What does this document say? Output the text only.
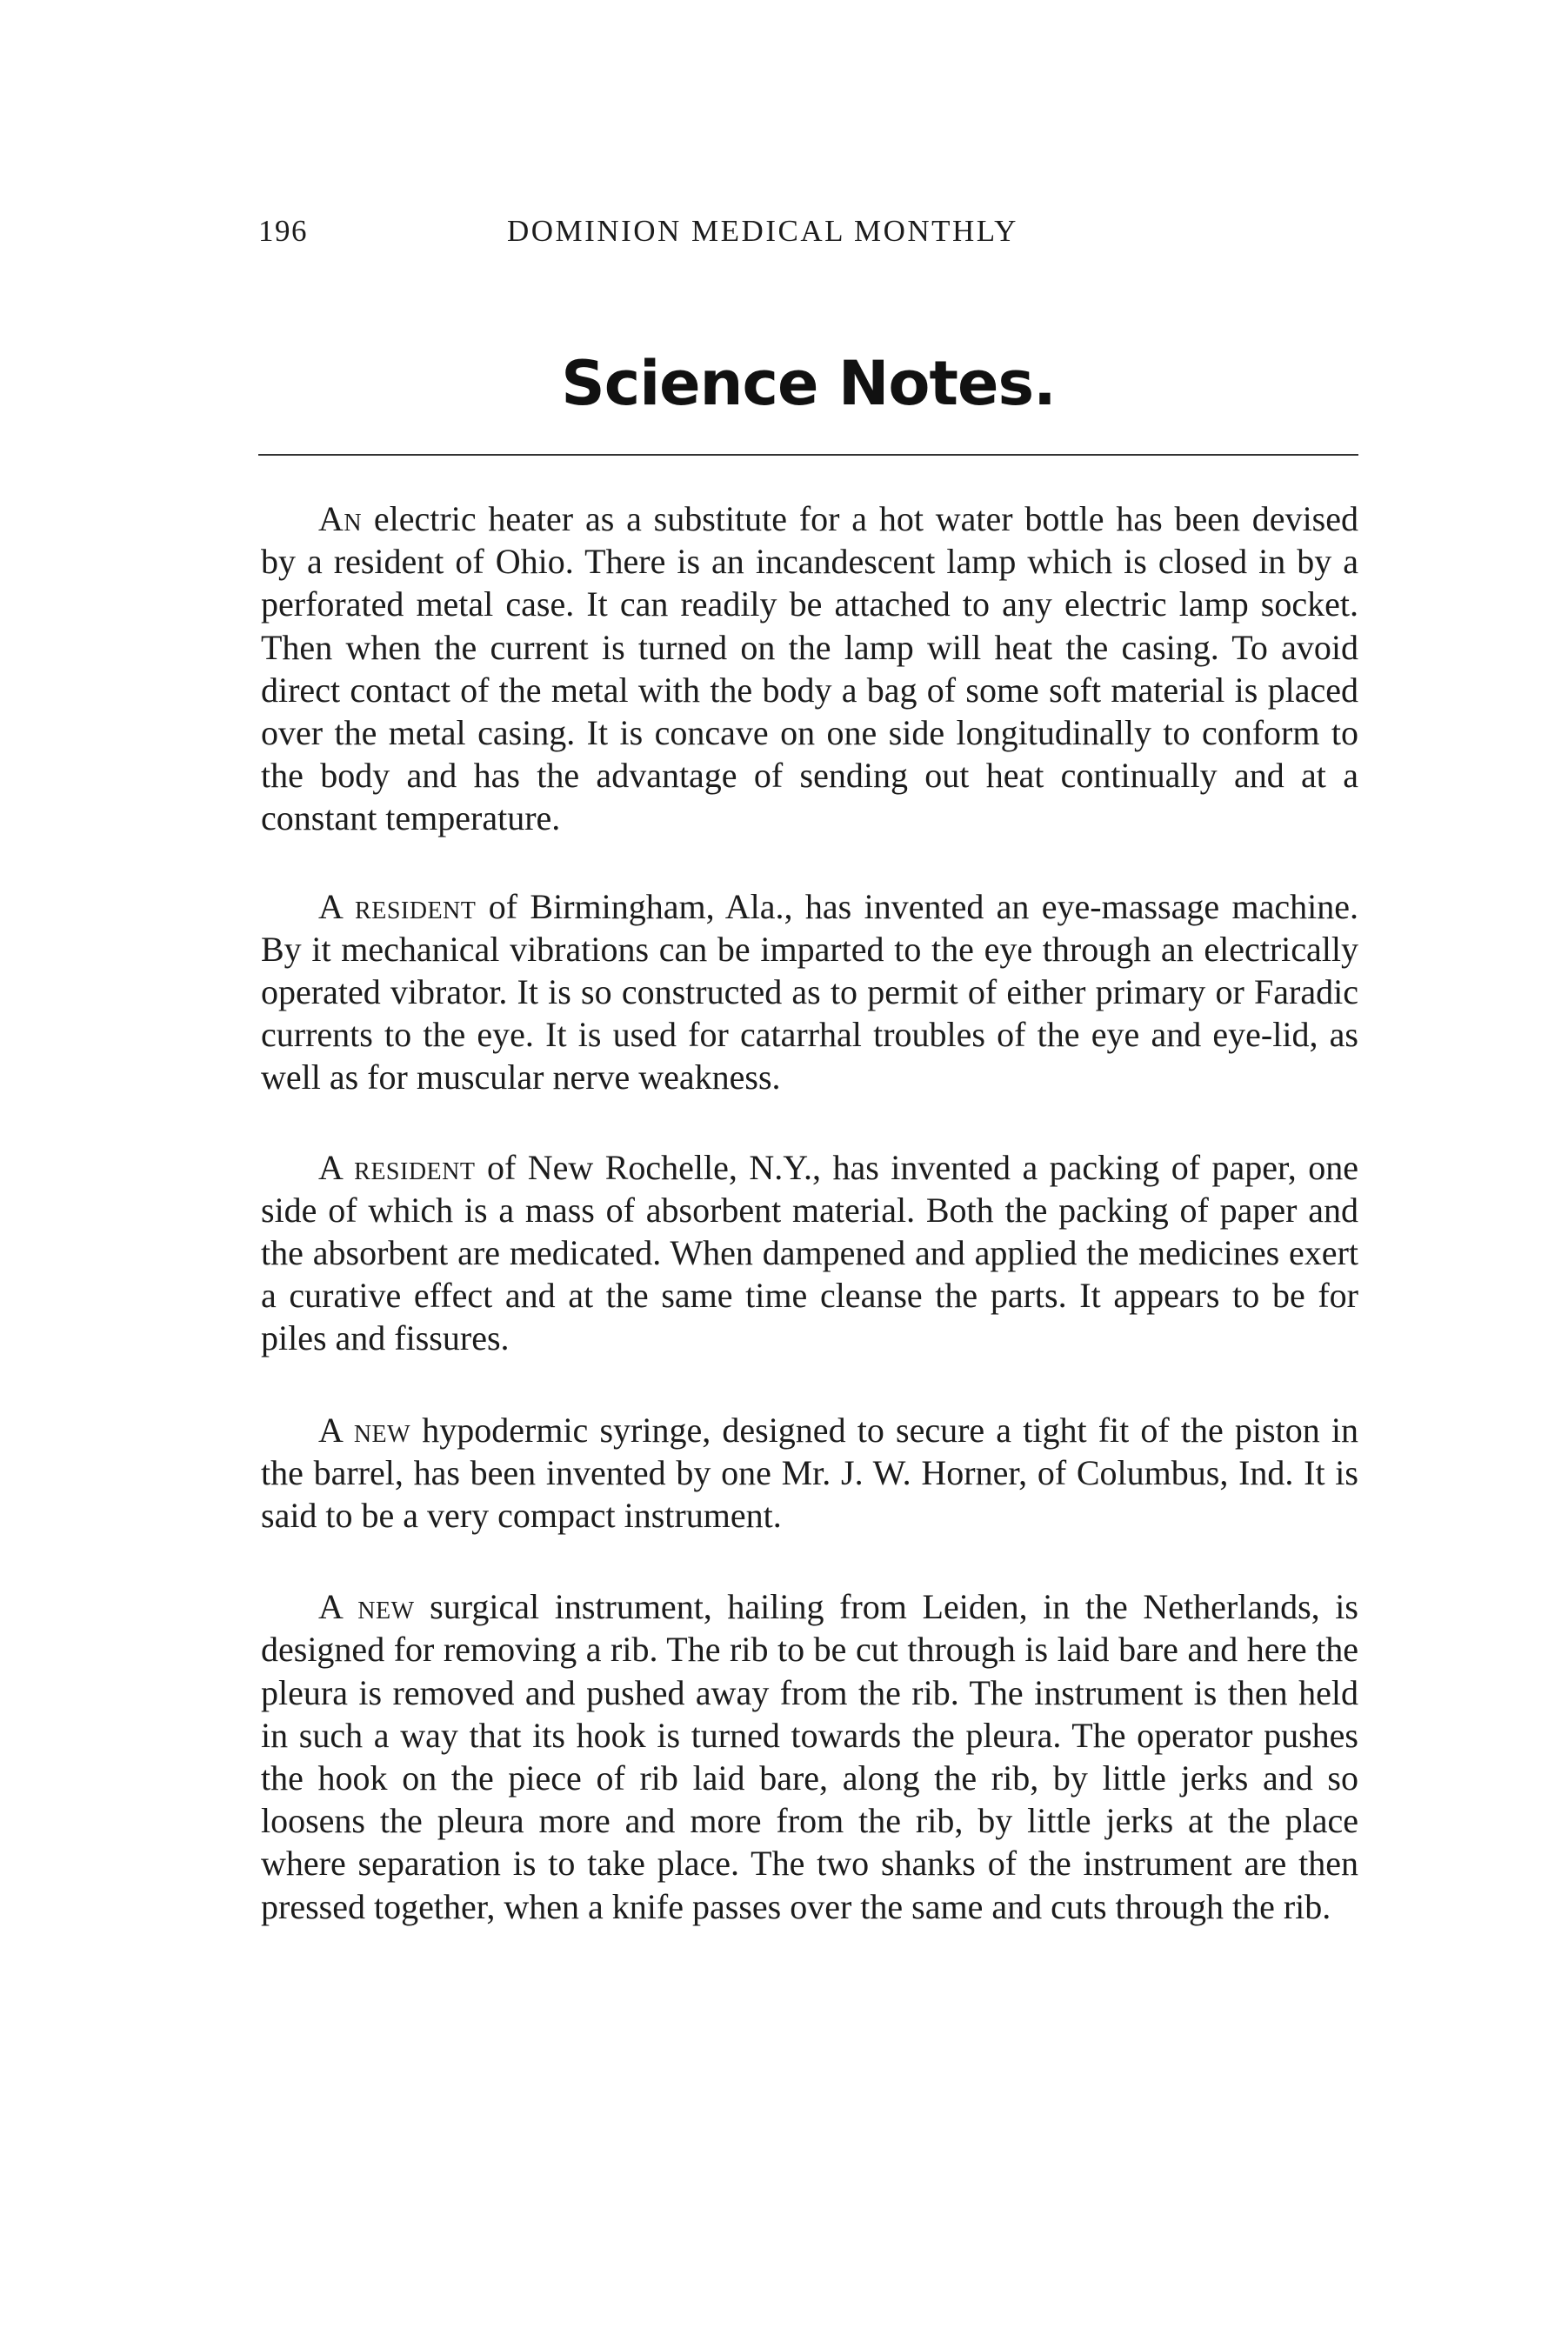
196	DOMINION MEDICAL MONTHLY
Science Notes.

An electric heater as a substitute for a hot water bottle has been devised by a resident of Ohio. There is an incandescent lamp which is closed in by a perforated metal case. It can readily be attached to any electric lamp socket. Then when the current is turned on the lamp will heat the casing. To avoid direct contact of the metal with the body a bag of some soft material is placed over the metal casing. It is concave on one side longitudinally to conform to the body and has the advantage of sending out heat continually and at a constant temperature.

A resident of Birmingham, Ala., has invented an eye-massage machine. By it mechanical vibrations can be imparted to the eye through an electrically operated vibrator. It is so constructed as to permit of either primary or Faradic currents to the eye. It is used for catarrhal troubles of the eye and eye-lid, as well as for muscular nerve weakness.

A resident of New Rochelle, N.Y., has invented a packing of paper, one side of which is a mass of absorbent material. Both the packing of paper and the absorbent are medicated. When dampened and applied the medicines exert a curative effect and at the same time cleanse the parts. It appears to be for piles and fissures.

A new hypodermic syringe, designed to secure a tight fit of the piston in the barrel, has been invented by one Mr. J. W. Horner, of Columbus, Ind. It is said to be a very compact instrument.

A new surgical instrument, hailing from Leiden, in the Netherlands, is designed for removing a rib. The rib to be cut through is laid bare and here the pleura is removed and pushed away from the rib. The instrument is then held in such a way that its hook is turned towards the pleura. The operator pushes the hook on the piece of rib laid bare, along the rib, by little jerks and so loosens the pleura more and more from the rib, by little jerks at the place where separation is to take place. The two shanks of the instrument are then pressed together, when a knife passes over the same and cuts through the rib.
